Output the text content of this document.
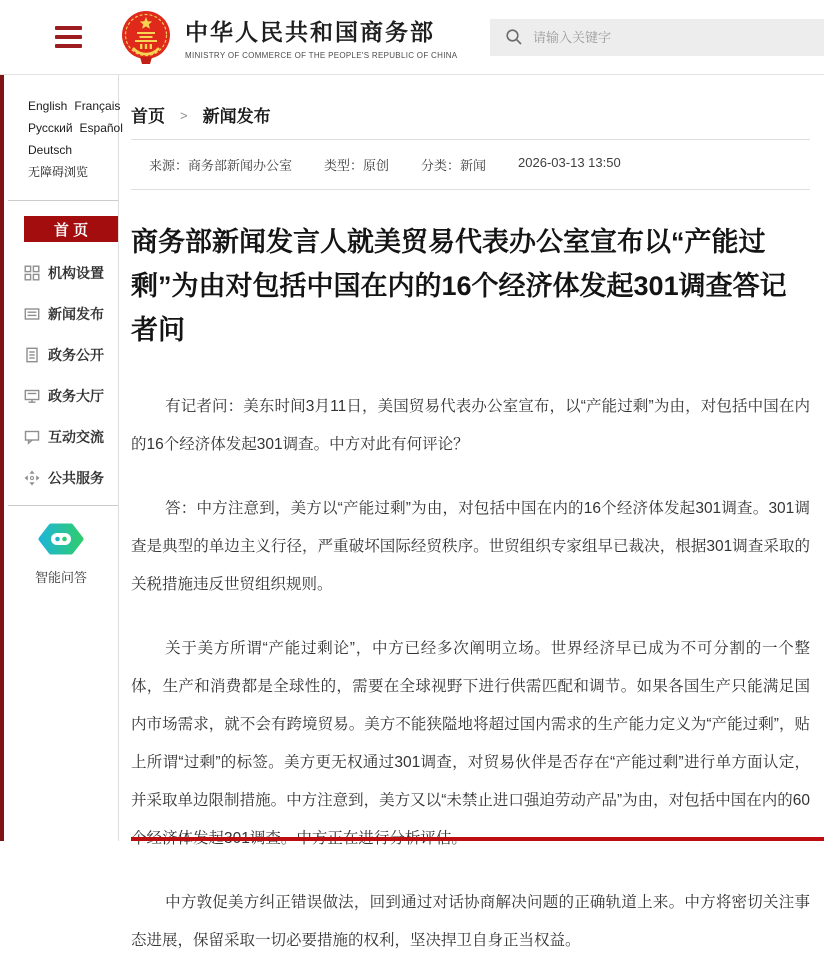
中华人民共和国商务部
MINISTRY OF COMMERCE OF THE PEOPLE'S REPUBLIC OF CHINA
请输入关键字
English Français
Русский Español
Deutsch
无障碍浏览
首 页
机构设置
新闻发布
政务公开
政务大厅
互动交流
公共服务
智能问答
首页 > 新闻发布
来源：商务部新闻办公室 类型：原创 分类：新闻 2026-03-13 13:50
商务部新闻发言人就美贸易代表办公室宣布以“产能过剩”为由对包括中国在内的16个经济体发起301调查答记者问

有记者问：美东时间3月11日，美国贸易代表办公室宣布，以“产能过剩”为由，对包括中国在内的16个经济体发起301调查。中方对此有何评论？

答：中方注意到，美方以“产能过剩”为由，对包括中国在内的16个经济体发起301调查。301调查是典型的单边主义行径，严重破坏国际经贸秩序。世贸组织专家组早已裁决，根据301调查采取的关税措施违反世贸组织规则。

关于美方所谓“产能过剩论”，中方已经多次阐明立场。世界经济早已成为不可分割的一个整体，生产和消费都是全球性的，需要在全球视野下进行供需匹配和调节。如果各国生产只能满足国内市场需求，就不会有跨境贸易。美方不能狭隘地将超过国内需求的生产能力定义为“产能过剩”，贴上所谓“过剩”的标签。美方更无权通过301调查，对贸易伙伴是否存在“产能过剩”进行单方面认定，并采取单边限制措施。中方注意到，美方又以“未禁止进口强迫劳动产品”为由，对包括中国在内的60

中方敦促美方纠正错误做法，回到通过对话协商解决问题的正确轨道上来。中方将密切关注事态进展，保留采取一切必要措施的权利，坚决捍卫自身正当权益。
